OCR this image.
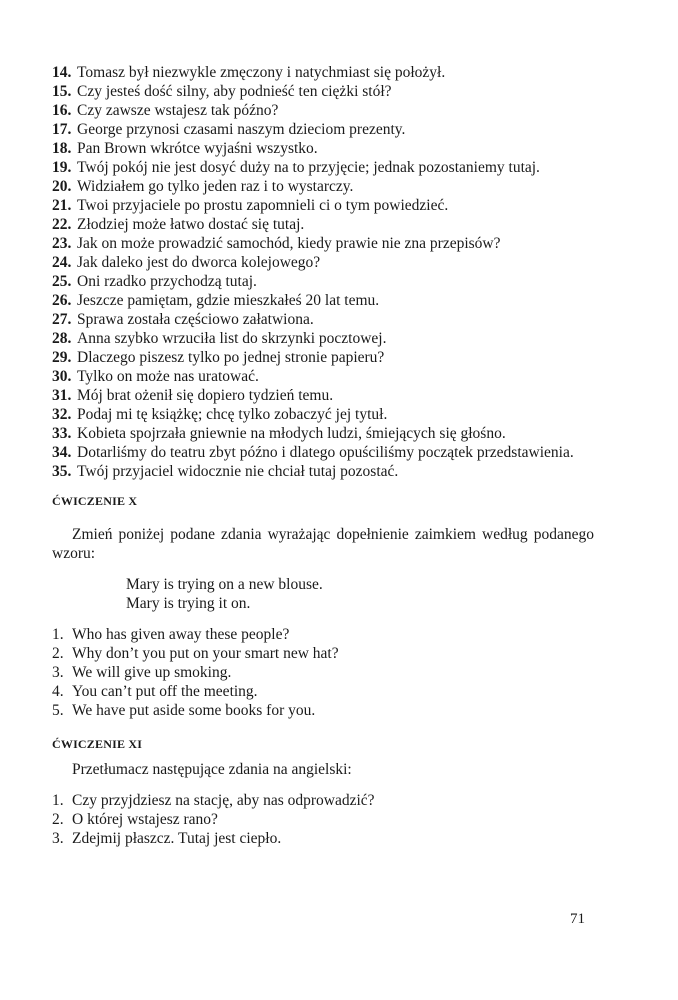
14. Tomasz był niezwykle zmęczony i natychmiast się położył.
15. Czy jesteś dość silny, aby podnieść ten ciężki stół?
16. Czy zawsze wstajesz tak późno?
17. George przynosi czasami naszym dzieciom prezenty.
18. Pan Brown wkrótce wyjaśni wszystko.
19. Twój pokój nie jest dosyć duży na to przyjęcie; jednak pozostaniemy tutaj.
20. Widziałem go tylko jeden raz i to wystarczy.
21. Twoi przyjaciele po prostu zapomnieli ci o tym powiedzieć.
22. Złodziej może łatwo dostać się tutaj.
23. Jak on może prowadzić samochód, kiedy prawie nie zna przepisów?
24. Jak daleko jest do dworca kolejowego?
25. Oni rzadko przychodzą tutaj.
26. Jeszcze pamiętam, gdzie mieszkałeś 20 lat temu.
27. Sprawa została częściowo załatwiona.
28. Anna szybko wrzuciła list do skrzynki pocztowej.
29. Dlaczego piszesz tylko po jednej stronie papieru?
30. Tylko on może nas uratować.
31. Mój brat ożenił się dopiero tydzień temu.
32. Podaj mi tę książkę; chcę tylko zobaczyć jej tytuł.
33. Kobieta spojrzała gniewnie na młodych ludzi, śmiejących się głośno.
34. Dotarliśmy do teatru zbyt późno i dlatego opuściliśmy początek przedstawienia.
35. Twój przyjaciel widocznie nie chciał tutaj pozostać.
ĆWICZENIE X
Zmień poniżej podane zdania wyrażając dopełnienie zaimkiem według podanego wzoru:
Mary is trying on a new blouse.
Mary is trying it on.
1. Who has given away these people?
2. Why don’t you put on your smart new hat?
3. We will give up smoking.
4. You can’t put off the meeting.
5. We have put aside some books for you.
ĆWICZENIE XI
Przetłumacz następujące zdania na angielski:
1. Czy przyjdziesz na stację, aby nas odprowadzić?
2. O której wstajesz rano?
3. Zdejmij płaszcz. Tutaj jest ciepło.
71
